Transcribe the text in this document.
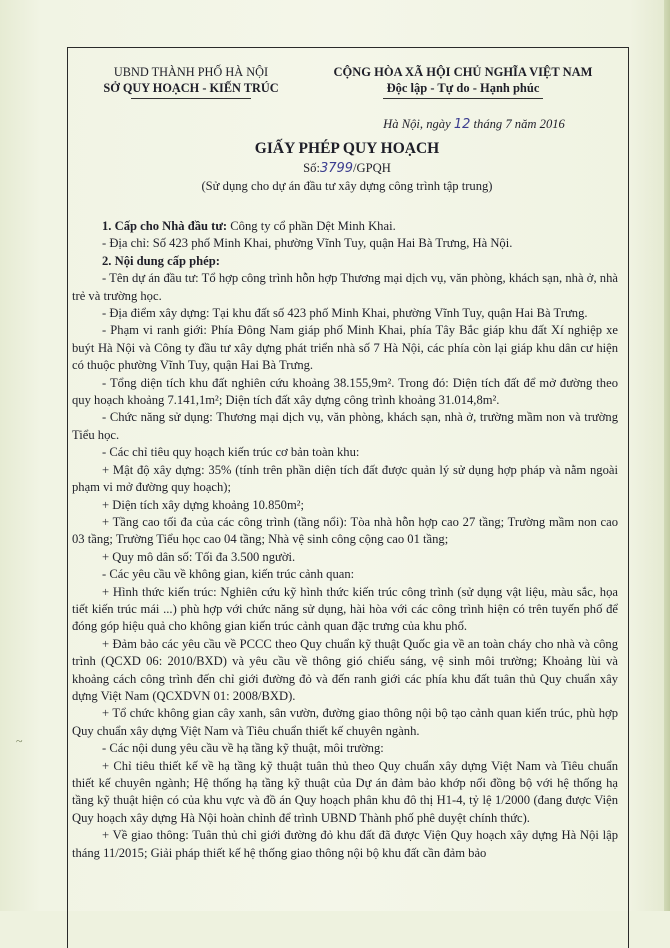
~
UBND THÀNH PHỐ HÀ NỘI
SỞ QUY HOẠCH - KIẾN TRÚC
CỘNG HÒA XÃ HỘI CHỦ NGHĨA VIỆT NAM
Độc lập - Tự do - Hạnh phúc
Hà Nội, ngày 12 tháng 7 năm 2016
GIẤY PHÉP QUY HOẠCH
Số:3799/GPQH
(Sử dụng cho dự án đầu tư xây dựng công trình tập trung)

1. Cấp cho Nhà đầu tư: Công ty cổ phần Dệt Minh Khai.

- Địa chỉ: Số 423 phố Minh Khai, phường Vĩnh Tuy, quận Hai Bà Trưng, Hà Nội.

2. Nội dung cấp phép:

- Tên dự án đầu tư: Tổ hợp công trình hỗn hợp Thương mại dịch vụ, văn phòng, khách sạn, nhà ở, nhà trẻ và trường học.

- Địa điểm xây dựng: Tại khu đất số 423 phố Minh Khai, phường Vĩnh Tuy, quận Hai Bà Trưng.

- Phạm vi ranh giới: Phía Đông Nam giáp phố Minh Khai, phía Tây Bắc giáp khu đất Xí nghiệp xe buýt Hà Nội và Công ty đầu tư xây dựng phát triển nhà số 7 Hà Nội, các phía còn lại giáp khu dân cư hiện có thuộc phường Vĩnh Tuy, quận Hai Bà Trưng.

- Tổng diện tích khu đất nghiên cứu khoảng 38.155,9m². Trong đó: Diện tích đất để mở đường theo quy hoạch khoảng 7.141,1m²; Diện tích đất xây dựng công trình khoảng 31.014,8m².

- Chức năng sử dụng: Thương mại dịch vụ, văn phòng, khách sạn, nhà ở, trường mầm non và trường Tiểu học.

- Các chỉ tiêu quy hoạch kiến trúc cơ bản toàn khu:

+ Mật độ xây dựng: 35% (tính trên phần diện tích đất được quản lý sử dụng hợp pháp và nằm ngoài phạm vi mở đường quy hoạch);

+ Diện tích xây dựng khoảng 10.850m²;

+ Tầng cao tối đa của các công trình (tầng nổi): Tòa nhà hỗn hợp cao 27 tầng; Trường mầm non cao 03 tầng; Trường Tiểu học cao 04 tầng; Nhà vệ sinh công cộng cao 01 tầng;

+ Quy mô dân số: Tối đa 3.500 người.

- Các yêu cầu về không gian, kiến trúc cảnh quan:

+ Hình thức kiến trúc: Nghiên cứu kỹ hình thức kiến trúc công trình (sử dụng vật liệu, màu sắc, họa tiết kiến trúc mái ...) phù hợp với chức năng sử dụng, hài hòa với các công trình hiện có trên tuyến phố để đóng góp hiệu quả cho không gian kiến trúc cảnh quan đặc trưng của khu phố.

+ Đảm bảo các yêu cầu về PCCC theo Quy chuẩn kỹ thuật Quốc gia về an toàn cháy cho nhà và công trình (QCXD 06: 2010/BXD) và yêu cầu về thông gió chiếu sáng, vệ sinh môi trường; Khoảng lùi và khoảng cách công trình đến chỉ giới đường đỏ và đến ranh giới các phía khu đất tuân thủ Quy chuẩn xây dựng Việt Nam (QCXDVN 01: 2008/BXD).

+ Tổ chức không gian cây xanh, sân vườn, đường giao thông nội bộ tạo cảnh quan kiến trúc, phù hợp Quy chuẩn xây dựng Việt Nam và Tiêu chuẩn thiết kế chuyên ngành.

- Các nội dung yêu cầu về hạ tầng kỹ thuật, môi trường:

+ Chỉ tiêu thiết kế về hạ tầng kỹ thuật tuân thủ theo Quy chuẩn xây dựng Việt Nam và Tiêu chuẩn thiết kế chuyên ngành; Hệ thống hạ tầng kỹ thuật của Dự án đảm bảo khớp nối đồng bộ với hệ thống hạ tầng kỹ thuật hiện có của khu vực và đồ án Quy hoạch phân khu đô thị H1-4, tỷ lệ 1/2000 (đang được Viện Quy hoạch xây dựng Hà Nội hoàn chỉnh để trình UBND Thành phố phê duyệt chính thức).

+ Về giao thông: Tuân thủ chỉ giới đường đỏ khu đất đã được Viện Quy hoạch xây dựng Hà Nội lập tháng 11/2015; Giải pháp thiết kế hệ thống giao thông nội bộ khu đất cần đảm bảo
